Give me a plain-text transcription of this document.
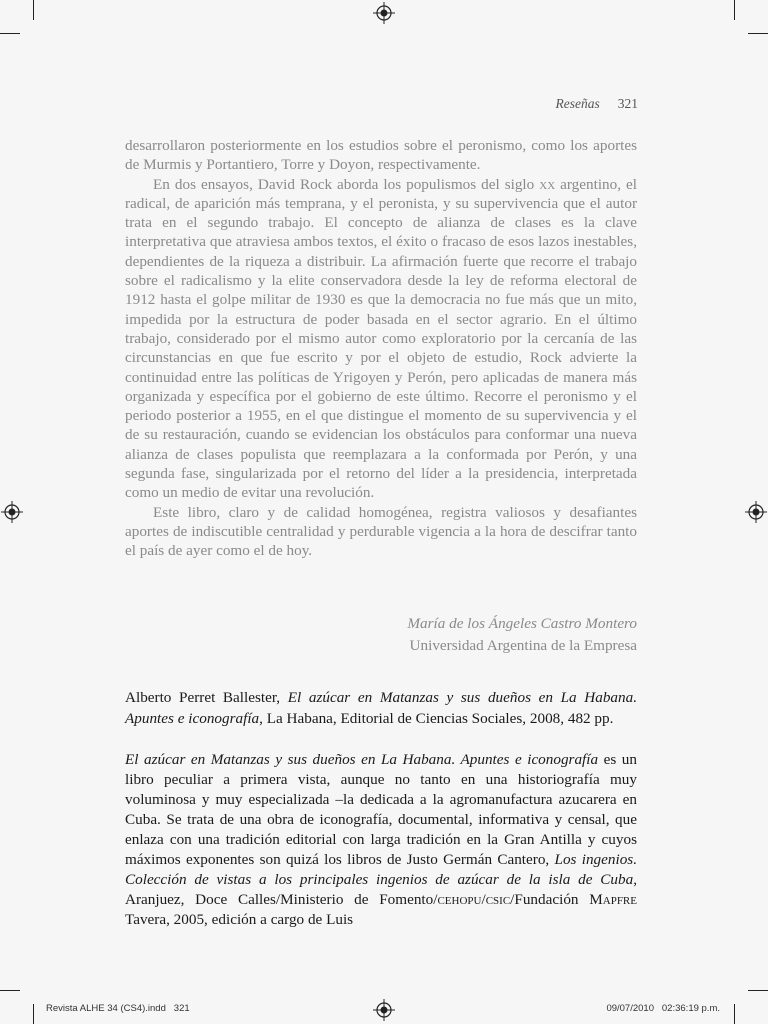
Reseñas 321

desarrollaron posteriormente en los estudios sobre el peronismo, como los aportes de Murmis y Portantiero, Torre y Doyon, respectivamente.

En dos ensayos, David Rock aborda los populismos del siglo xx argentino, el radical, de aparición más temprana, y el peronista, y su supervivencia que el autor trata en el segundo trabajo. El concepto de alianza de clases es la clave interpretativa que atraviesa ambos textos, el éxito o fracaso de esos lazos inestables, dependientes de la riqueza a distribuir. La afirmación fuerte que recorre el trabajo sobre el radicalismo y la elite conservadora desde la ley de reforma electoral de 1912 hasta el golpe militar de 1930 es que la democracia no fue más que un mito, impedida por la estructura de poder basada en el sector agrario. En el último trabajo, considerado por el mismo autor como exploratorio por la cercanía de las circunstancias en que fue escrito y por el objeto de estudio, Rock advierte la continuidad entre las políticas de Yrigoyen y Perón, pero aplicadas de manera más organizada y específica por el gobierno de este último. Recorre el peronismo y el periodo posterior a 1955, en el que distingue el momento de su supervivencia y el de su restauración, cuando se evidencian los obstáculos para conformar una nueva alianza de clases populista que reemplazara a la conformada por Perón, y una segunda fase, singularizada por el retorno del líder a la presidencia, interpretada como un medio de evitar una revolución.

Este libro, claro y de calidad homogénea, registra valiosos y desafiantes aportes de indiscutible centralidad y perdurable vigencia a la hora de descifrar tanto el país de ayer como el de hoy.

María de los Ángeles Castro Montero
Universidad Argentina de la Empresa

Alberto Perret Ballester, El azúcar en Matanzas y sus dueños en La Habana. Apuntes e iconografía, La Habana, Editorial de Ciencias Sociales, 2008, 482 pp.

El azúcar en Matanzas y sus dueños en La Habana. Apuntes e iconografía es un libro peculiar a primera vista, aunque no tanto en una historiografía muy voluminosa y muy especializada –la dedicada a la agromanufactura azucarera en Cuba. Se trata de una obra de iconografía, documental, informativa y censal, que enlaza con una tradición editorial con larga tradición en la Gran Antilla y cuyos máximos exponentes son quizá los libros de Justo Germán Cantero, Los ingenios. Colección de vistas a los principales ingenios de azúcar de la isla de Cuba, Aranjuez, Doce Calles/Ministerio de Fomento/cehopu/csic/Fundación Mapfre Tavera, 2005, edición a cargo de Luis

Revista ALHE 34 (CS4).indd   321	09/07/2010   02:36:19 p.m.
